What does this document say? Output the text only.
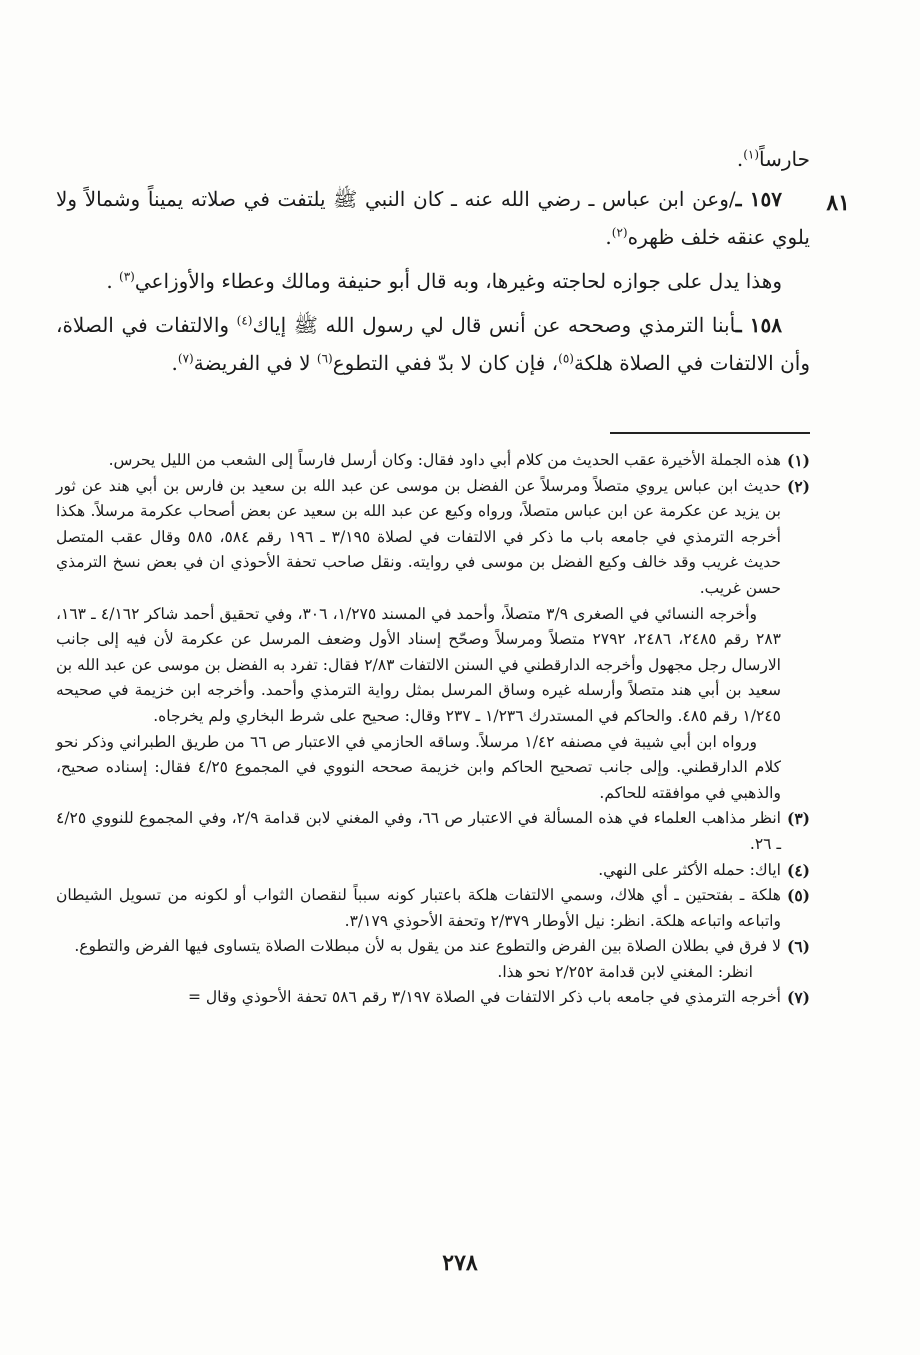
٨١

حارساً$^{(١)}$.

١٥٧ ـ/وعن ابن عباس ـ رضي الله عنه ـ كان النبي ﷺ يلتفت في صلاته يميناً وشمالاً ولا يلوي عنقه خلف ظهره$^{(٢)}$.

وهذا يدل على جوازه لحاجته وغيرها، وبه قال أبو حنيفة ومالك وعطاء والأوزاعي$^{(٣)}$ .

١٥٨ ـأبنا الترمذي وصححه عن أنس قال لي رسول الله ﷺ إياك$^{(٤)}$ والالتفات في الصلاة، وأن الالتفات في الصلاة هلكة$^{(٥)}$، فإن كان لا بدّ ففي التطوع$^{(٦)}$ لا في الفريضة$^{(٧)}$.

(١)

هذه الجملة الأخيرة عقب الحديث من كلام أبي داود فقال: وكان أرسل فارساً إلى الشعب من الليل يحرس.

(٢)

حديث ابن عباس يروي متصلاً ومرسلاً عن الفضل بن موسى عن عبد الله بن سعيد بن فارس بن أبي هند عن ثور بن يزيد عن عكرمة عن ابن عباس متصلاً، ورواه وكيع عن عبد الله بن سعيد عن بعض أصحاب عكرمة مرسلاً. هكذا أخرجه الترمذي في جامعه باب ما ذكر في الالتفات في لصلاة ٣/١٩٥ ـ ١٩٦ رقم ٥٨٤، ٥٨٥ وقال عقب المتصل حديث غريب وقد خالف وكيع الفضل بن موسى في روايته. ونقل صاحب تحفة الأحوذي ان في بعض نسخ الترمذي حسن غريب.

وأخرجه النسائي في الصغرى ٣/٩ متصلاً، وأحمد في المسند ١/٢٧٥، ٣٠٦، وفي تحقيق أحمد شاكر ٤/١٦٢ ـ ١٦٣، ٢٨٣ رقم ٢٤٨٥، ٢٤٨٦، ٢٧٩٢ متصلاً ومرسلاً وصحّح إسناد الأول وضعف المرسل عن عكرمة لأن فيه إلى جانب الارسال رجل مجهول وأخرجه الدارقطني في السنن الالتفات ٢/٨٣ فقال: تفرد به الفضل بن موسى عن عبد الله بن سعيد بن أبي هند متصلاً وأرسله غيره وساق المرسل بمثل رواية الترمذي وأحمد. وأخرجه ابن خزيمة في صحيحه ١/٢٤٥ رقم ٤٨٥. والحاكم في المستدرك ١/٢٣٦ ـ ٢٣٧ وقال: صحيح على شرط البخاري ولم يخرجاه.

ورواه ابن أبي شيبة في مصنفه ١/٤٢ مرسلاً. وساقه الحازمي في الاعتبار ص ٦٦ من طريق الطبراني وذكر نحو كلام الدارقطني. وإلى جانب تصحيح الحاكم وابن خزيمة صححه النووي في المجموع ٤/٢٥ فقال: إسناده صحيح، والذهبي في موافقته للحاكم.

(٣)

انظر مذاهب العلماء في هذه المسألة في الاعتبار ص ٦٦، وفي المغني لابن قدامة ٢/٩، وفي المجموع للنووي ٤/٢٥ ـ ٢٦.

(٤)

اياك: حمله الأكثر على النهي.

(٥)

هلكة ـ بفتحتين ـ أي هلاك، وسمي الالتفات هلكة باعتبار كونه سبباً لنقصان الثواب أو لكونه من تسويل الشيطان واتباعه واتباعه هلكة. انظر: نيل الأوطار ٢/٣٧٩ وتحفة الأحوذي ٣/١٧٩.

(٦)

لا فرق في بطلان الصلاة بين الفرض والتطوع عند من يقول به لأن مبطلات الصلاة يتساوى فيها الفرض والتطوع.

انظر: المغني لابن قدامة ٢/٢٥٢ نحو هذا.

(٧)

أخرجه الترمذي في جامعه باب ذكر الالتفات في الصلاة ٣/١٩٧ رقم ٥٨٦ تحفة الأحوذي وقال =

٢٧٨
